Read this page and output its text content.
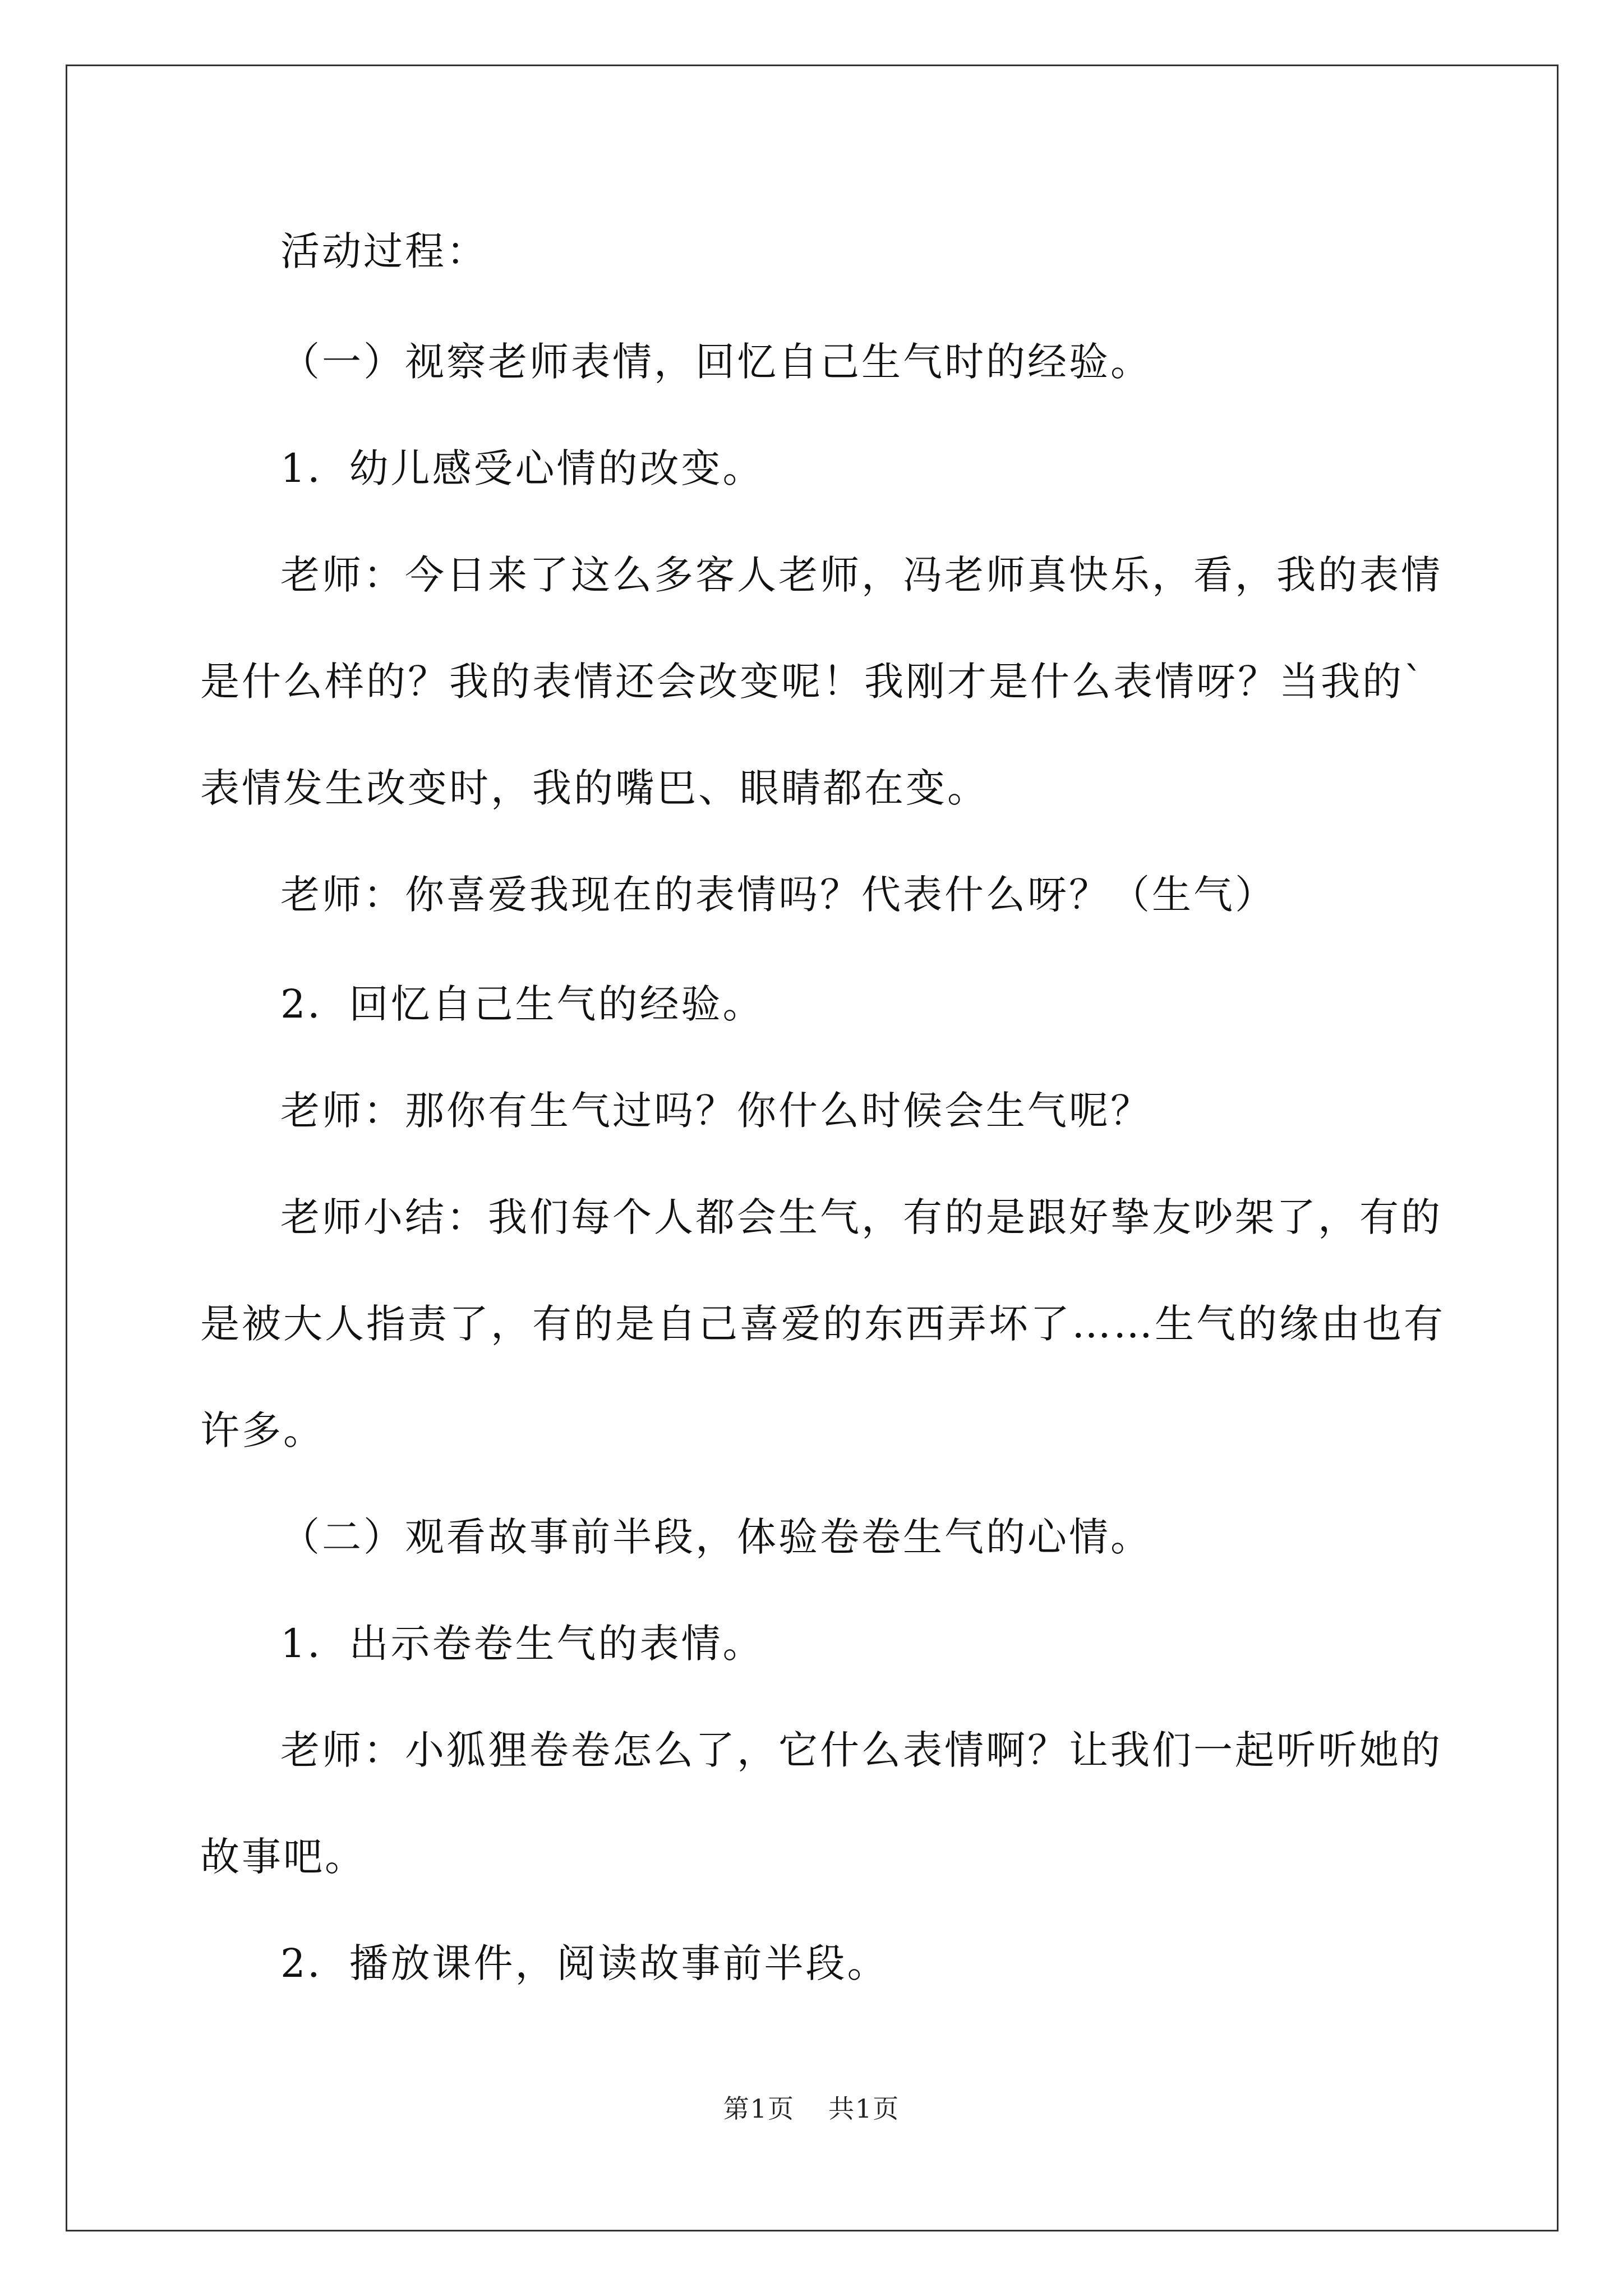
活动过程：

（一）视察老师表情，回忆自己生气时的经验。

1．幼儿感受心情的改变。

老师：今日来了这么多客人老师，冯老师真快乐，看，我的表情

是什么样的？我的表情还会改变呢！我刚才是什么表情呀？当我的`

表情发生改变时，我的嘴巴、眼睛都在变。

老师：你喜爱我现在的表情吗？代表什么呀？（生气）

2．回忆自己生气的经验。

老师：那你有生气过吗？你什么时候会生气呢？

老师小结：我们每个人都会生气，有的是跟好挚友吵架了，有的

是被大人指责了，有的是自己喜爱的东西弄坏了……生气的缘由也有

许多。

（二）观看故事前半段，体验卷卷生气的心情。

1．出示卷卷生气的表情。

老师：小狐狸卷卷怎么了，它什么表情啊？让我们一起听听她的

故事吧。

2．播放课件，阅读故事前半段。

第1页 共1页
